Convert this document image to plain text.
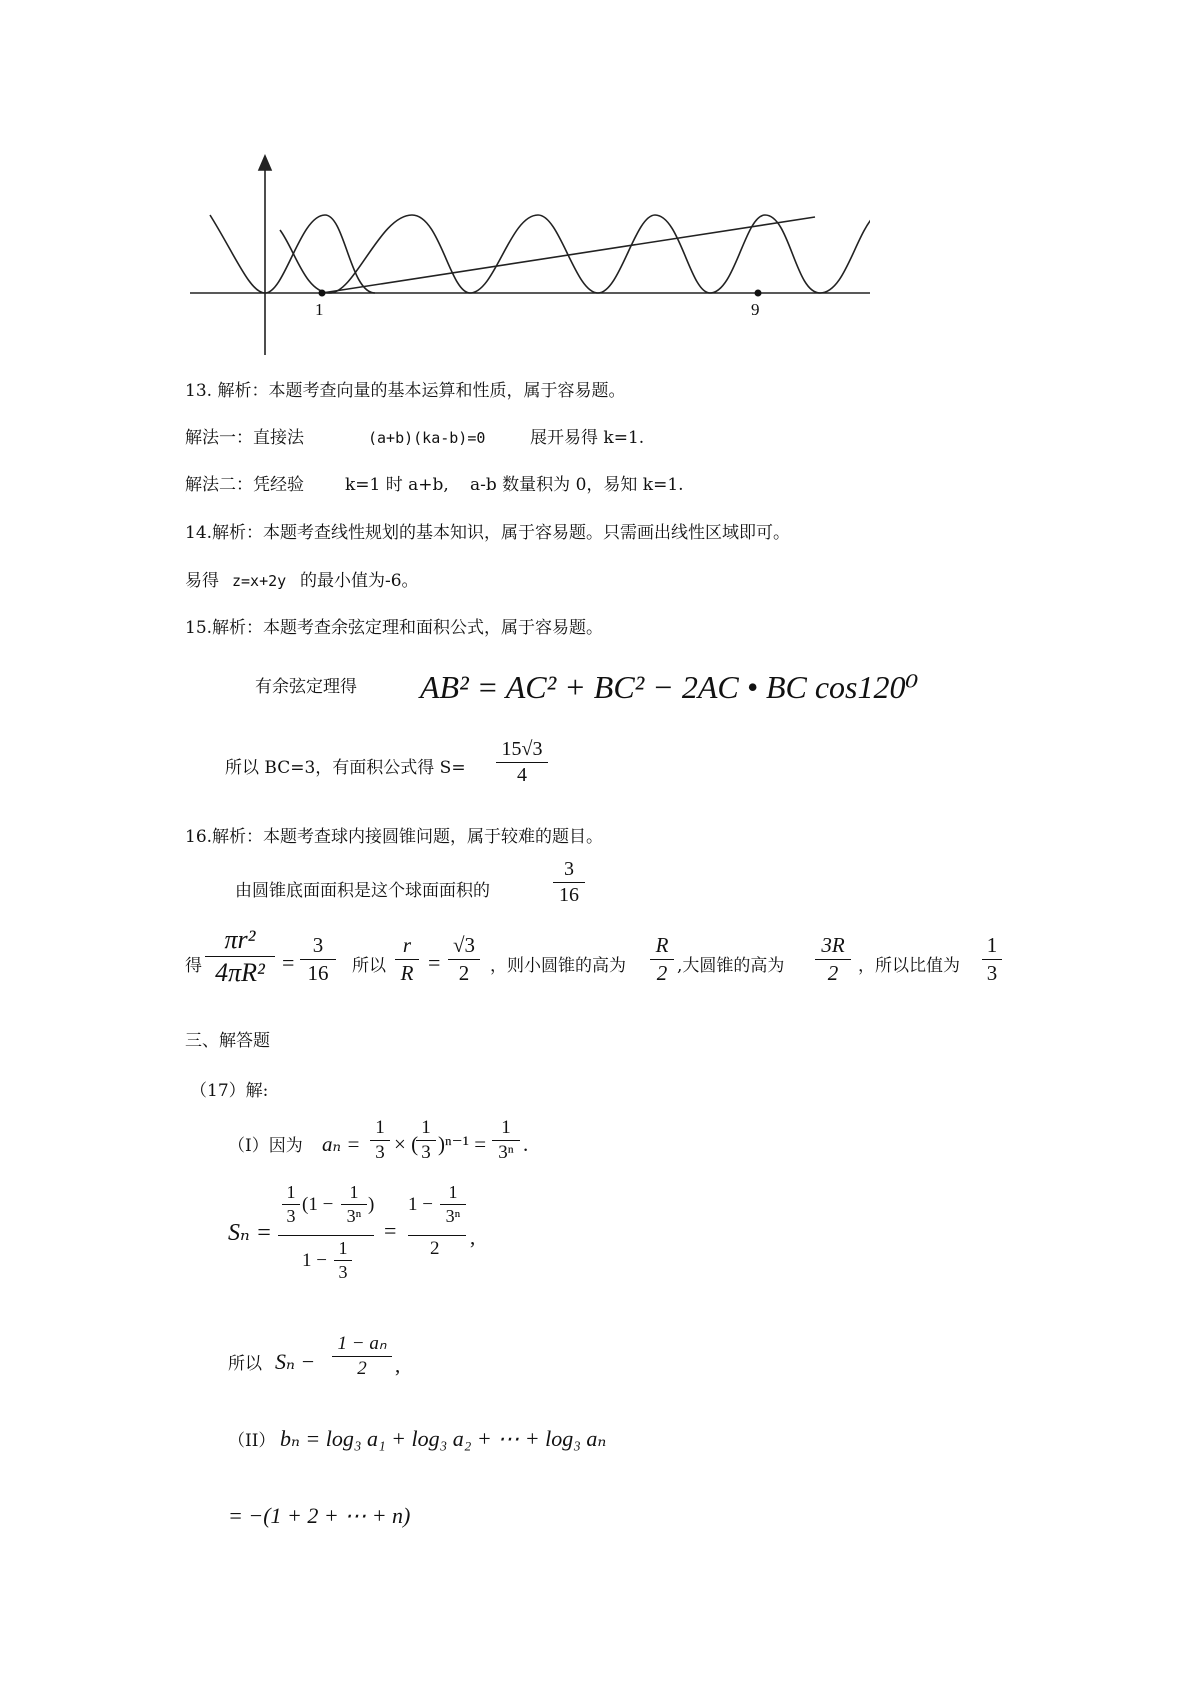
1	9
13. 解析：本题考查向量的基本运算和性质，属于容易题。
解法一：直接法	(a+b)(ka-b)=0	展开易得 k=1.
解法二：凭经验 k=1 时 a+b, a-b 数量积为 0，易知 k=1.
14.解析：本题考查线性规划的基本知识，属于容易题。只需画出线性区域即可。
易得 z=x+2y 的最小值为-6。
15.解析：本题考查余弦定理和面积公式，属于容易题。
有余弦定理得 AB² = AC² + BC² − 2AC • BC cos120⁰
所以 BC=3，有面积公式得 S=
15√3
4
16.解析：本题考查球内接圆锥问题，属于较难的题目。
由圆锥底面面积是这个球面面积的
3
16
得
πr²
4πR² =
3
16	所以
r
R =
√3
2	，则小圆锥的高为
R
2 ,大圆锥的高为
3R
2	，所以比值为
1
3
三、解答题
（17）解:
（I）因为 aₙ =
1
3 × (
1
3 )ⁿ⁻¹ =
1
3ⁿ .
Sₙ =
1
3
(1 −
1
3ⁿ
)
1 −
1
3
=
1 −
1
3ⁿ
2 ,
所以 Sₙ −
1 − aₙ
2	,
（II） bₙ = log₃ a₁ + log₃ a₂ + ⋯ + log₃ aₙ
= −(1 + 2 + ⋯ + n)
